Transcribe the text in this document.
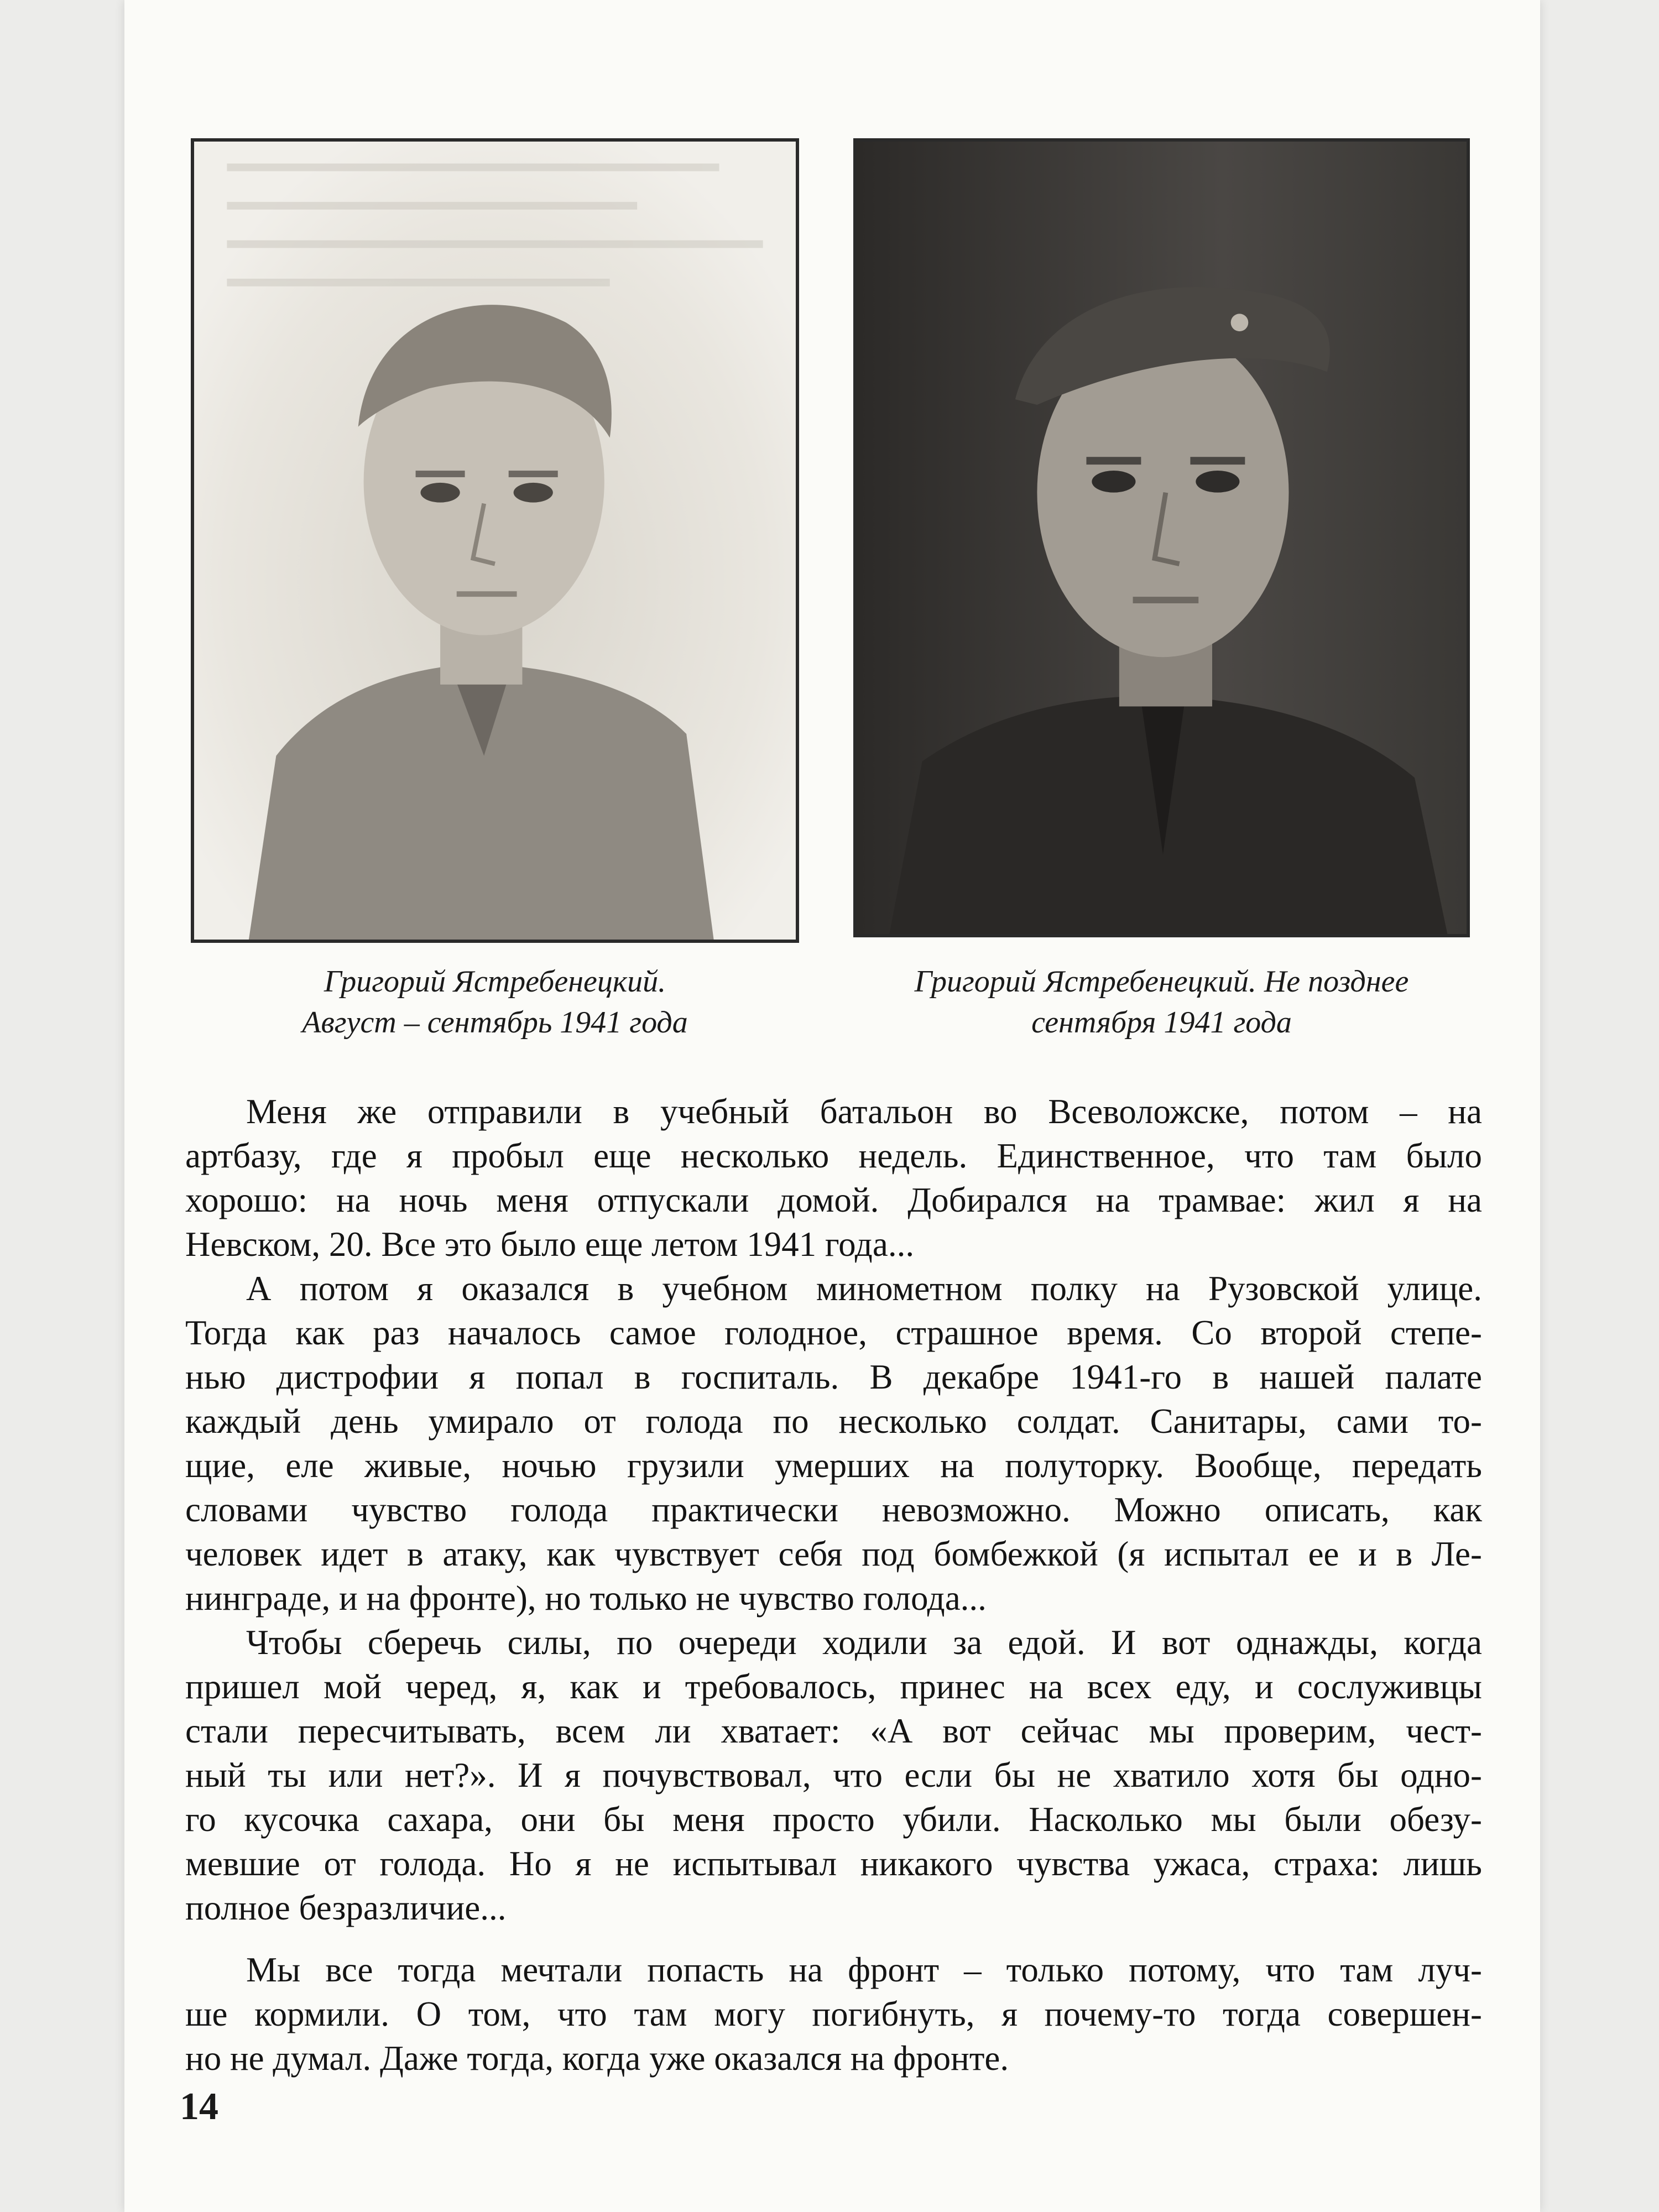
Григорий Ястребенецкий.
Август – сентябрь 1941 года
Григорий Ястребенецкий. Не позднее
сентября 1941 года
Меня же отправили в учебный батальон во Всеволожске, потом – на
артбазу, где я пробыл еще несколько недель. Единственное, что там было
хорошо: на ночь меня отпускали домой. Добирался на трамвае: жил я на
Невском, 20. Все это было еще летом 1941 года...
А потом я оказался в учебном минометном полку на Рузовской улице.
Тогда как раз началось самое голодное, страшное время. Со второй степе-
нью дистрофии я попал в госпиталь. В декабре 1941-го в нашей палате
каждый день умирало от голода по несколько солдат. Санитары, сами то-
щие, еле живые, ночью грузили умерших на полуторку. Вообще, передать
словами чувство голода практически невозможно. Можно описать, как
человек идет в атаку, как чувствует себя под бомбежкой (я испытал ее и в Ле-
нинграде, и на фронте), но только не чувство голода...
Чтобы сберечь силы, по очереди ходили за едой. И вот однажды, когда
пришел мой черед, я, как и требовалось, принес на всех еду, и сослуживцы
стали пересчитывать, всем ли хватает: «А вот сейчас мы проверим, чест-
ный ты или нет?». И я почувствовал, что если бы не хватило хотя бы одно-
го кусочка сахара, они бы меня просто убили. Насколько мы были обезу-
мевшие от голода. Но я не испытывал никакого чувства ужаса, страха: лишь
полное безразличие...
Мы все тогда мечтали попасть на фронт – только потому, что там луч-
ше кормили. О том, что там могу погибнуть, я почему-то тогда совершен-
но не думал. Даже тогда, когда уже оказался на фронте.
14
